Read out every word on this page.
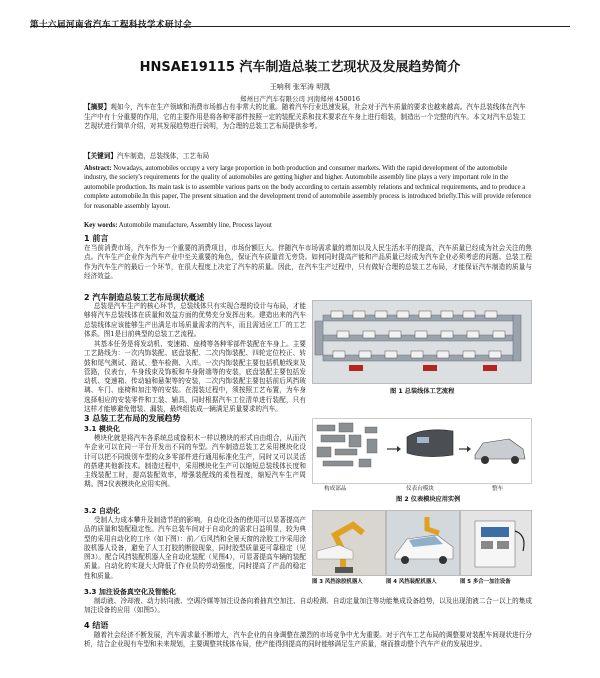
第十六届河南省汽车工程科技学术研讨会
HNSAE19115 汽车制造总装工艺现状及发展趋势简介
王响利 张军涛 明凯
郑州日产汽车有限公司 河南郑州 450016
【摘要】观如今，汽车在生产领域和消费市场都占有非常大的比重。随着汽车行业迅速发展，社会对于汽车质量的要求也越来越高。汽车总装线体在汽车生产中有十分重要的作用，它的主要作用是将各种零部件按照一定的装配关系和技术要求在车身上进行组装，制造出一个完整的汽车。本文对汽车总装工艺现状进行简单介绍，对其发展趋势进行说明，为合理的总装工艺布局提供参考。
【关键词】汽车制造，总装线体，工艺布局
Abstract: Nowadays, automobiles occupy a very large proportion in both production and consumer markets. With the rapid development of the automobile industry, the society's requirements for the quality of automobiles are getting higher and higher. Automobile assembly line plays a very important role in the automobile production. Its main task is to assemble various parts on the body according to certain assembly relations and technical requirements, and to produce a complete automobile.In this paper, The present situation and the development trend of automobile assembly process is introduced briefly.This will provide reference for reasonable assembly layout.
Key words: Automobile manufacture, Assembly line, Process layout
1 前言
在当前消费市场，汽车作为一个重要的消费项目，市场份额巨大。伴随汽车市场需求量的增加以及人民生活水平的提高，汽车质量已经成为社会关注的焦点。汽车生产企业作为汽车产业中至关重要的角色，保证汽车质量首无旁贷。如何同时提高产能和产品质量已经成为汽车企业必须考虑的问题。总装工程作为汽车生产的最后一个环节，在很大程度上决定了汽车的质量。因此，在汽车生产过程中，只有做好合理的总装工艺布局，才能保证汽车制造的质量与经济效益。
2 汽车制造总装工艺布局现状概述
总装是汽车生产的核心环节，总装线体只有实现合理的设计与布局，才能够将汽车总装线体在质量和效益方面的优势充分发挥出来。建造出来的汽车总装线体应该能够生产出满足市场质量需求的汽车，而且需适应工厂的工艺体系。图1是目前典型的总装工艺流程。
其基本任务是将发动机、变速箱、座椅等各种零部件装配在车身上。主要工艺路线为：一次内饰装配、底盘装配、二次内饰装配、四轮定位校正、转鼓和尾气测试、路试、整车检测、入库。一次内饰装配主要包括机舱线束及管路，仪表台，车身线束及饰板和车身附端等的安装，底盘装配主要包括发动机、变速箱、传动轴和悬架等的安装，二次内饰装配主要包括前后风挡玻璃、车门、座椅和加注等的安装。在混装过程中，须按照工艺布置，为车身选择相应的安装零件和工装、辅具，同时根据汽车工位清单进行装配，只有这样才能够避免错装、漏装，最终组装成一辆满足质量要求的汽车。
图 1 总装线体工艺流程
3 总装工艺布局的发展趋势
3.1 模块化
模块化就是将汽车各系统总成像积木一样以模块的形式自由组合，从而汽车企业可以在同一平台开发出不同的车型。汽车制造总装工艺采用模块化设计可以把不同级别车型的众多零部件进行通用标准化生产，同时又可以灵活的搭建其他新技术。制造过程中，采用模块化生产可以缩短总装线体长度和主线装配工时，提高装配效率，增强装配线的柔性程度，缩短汽车生产周期。图2仪表模块化应用实例。
构成部品	仪表台模块	整车
图 2 仪表模块应用实例
3.2 自动化
受制人力成本攀升及制造节拍的影响，自动化设备的使用可以显著提高产品的质量和装配稳定性。汽车总装车间对于自动化的需求日益明显，较为典型的采用自动化的工序（如下图）：前／后风挡和全景天窗的涂胶工序采用涂胶机器人设备，避免了人工打胶的断胶现象，同时胶型质量更可靠稳定（见图3）。配合风挡装配机器人全自动化装配（见图4），可显著提高车辆的装配质量。自动化的实现大大降低了作业员的劳动强度，同时提高了产品的稳定性和质量。
图 3 风挡涂胶机器人	图 4 风挡装配机器人	图 5 多合一加注设备
3.3 加注设备真空化及智能化
制动液、冷却液、动力转向液、空调冷媒等加注设备向着抽真空加注、自动检测、自动定量加注等功能集成设备趋势，以及出现油液二合一以上的集成加注设备的应用（如图5）。
4 结语
随着社会经济不断发展，汽车需求量不断增大，汽车企业的自身调整在激烈的市场竞争中尤为重要。对于汽车工艺布局的调整要对装配车间现状进行分析，结合企业现有车型和未来规划，主要调整其线体布局，使产能得到提高的同时能够满足生产质量，继而推动整个汽车产业的发展进步。
